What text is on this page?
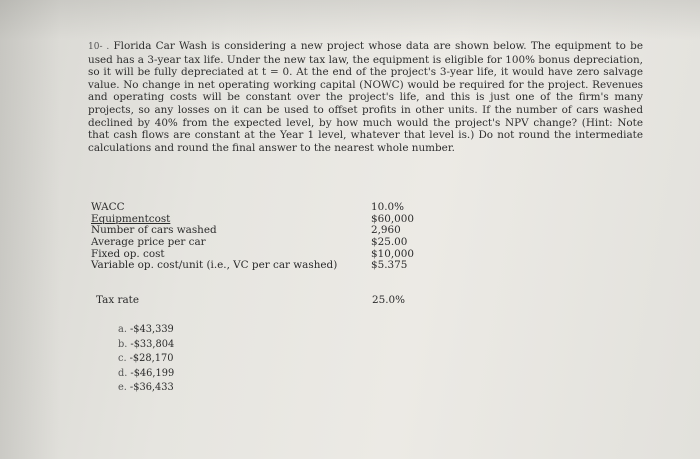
10- . Florida Car Wash is considering a new project whose data are shown below. The equipment to be used has a 3-year tax life. Under the new tax law, the equipment is eligible for 100% bonus depreciation, so it will be fully depreciated at t = 0. At the end of the project's 3-year life, it would have zero salvage value. No change in net operating working capital (NOWC) would be required for the project. Revenues and operating costs will be constant over the project's life, and this is just one of the firm's many projects, so any losses on it can be used to offset profits in other units. If the number of cars washed declined by 40% from the expected level, by how much would the project's NPV change? (Hint: Note that cash flows are constant at the Year 1 level, whatever that level is.) Do not round the intermediate calculations and round the final answer to the nearest whole number.

WACC	10.0%
Equipmentcost	$60,000
Number of cars washed	2,960
Average price per car	$25.00
Fixed op. cost	$10,000
Variable op. cost/unit (i.e., VC per car washed)	$5.375
Tax rate	25.0%
a. -$43,339
b. -$33,804
c. -$28,170
d. -$46,199
e. -$36,433
